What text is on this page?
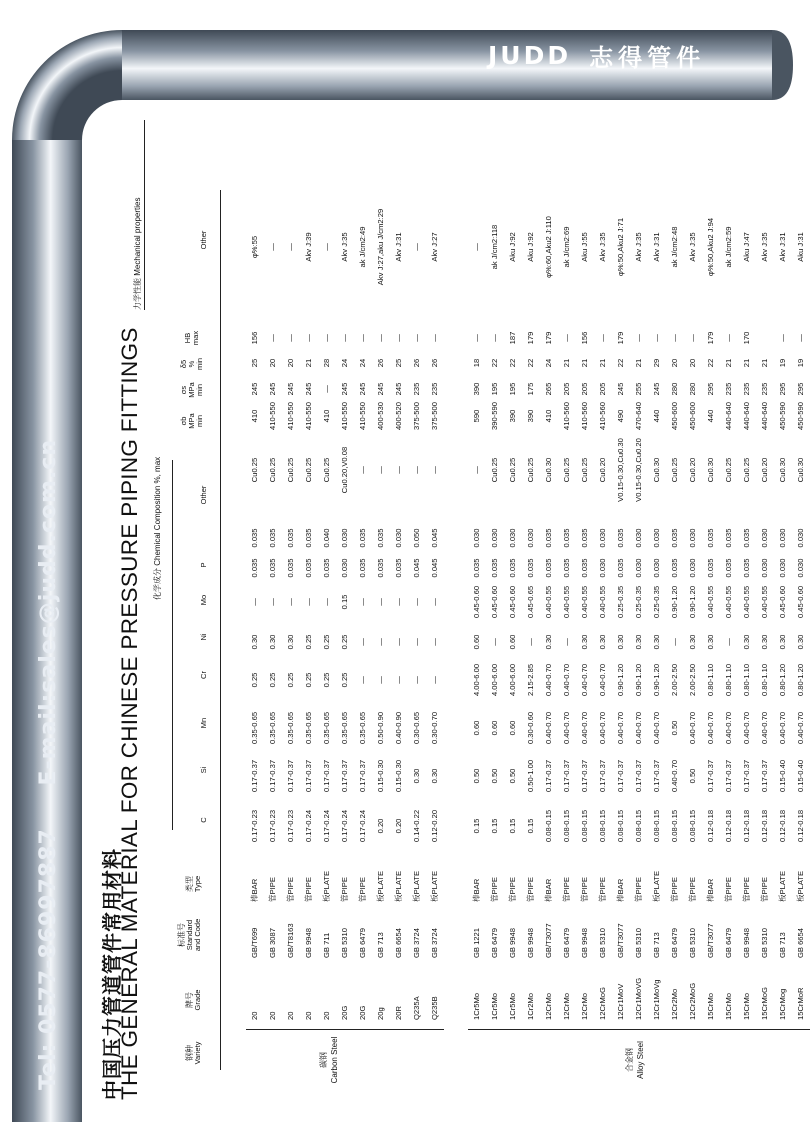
JUDD 志得管件
Tel: 0577-86997887 E-mail:sales@judd.com.cn
中国压力管道管件常用材料
THE GENERAL MATERIAL FOR CHINESE PRESSURE PIPING FITTINGS 化学成分 Chemical Composition %, max
力学性能 Mechanical properties
钢种 Variety
牌号 Grade
标准号 Standard and Code
类型 Type
C
Si
Mn
Cr
Ni
Mo
P
Other
σb MPa min
σs MPa min
δ5 % min
HB max
Other
碳钢 Carbon Steel	合金钢 Alloy Steel
20
GB/T699
棒BAR
0.17-0.23
0.17-0.37
0.35-0.65
0.25
0.30
—
0.035
0.035
Cu0.25
410
245
25
156
φ%:55
20
GB 3087
管PIPE
0.17-0.23
0.17-0.37
0.35-0.65
0.25
0.30
—
0.035
0.035
Cu0.25
410-550
245
20
—
—
20
GB/T8163
管PIPE
0.17-0.23
0.17-0.37
0.35-0.65
0.25
0.30
—
0.035
0.035
Cu0.25
410-550
245
20
—
—
20
GB 9948
管PIPE
0.17-0.24
0.17-0.37
0.35-0.65
0.25
0.25
—
0.035
0.035
Cu0.25
410-550
245
21
—
Akv J:39
20
GB 711
板PLATE
0.17-0.24
0.17-0.37
0.35-0.65
0.25
0.25
—
0.035
0.040
Cu0.25
410
—
28
—
—
20G
GB 5310
管PIPE
0.17-0.24
0.17-0.37
0.35-0.65
0.25
0.25
0.15
0.030
0.030
Cu0.20,V0.08
410-550
245
24
—
Akv J:35
20G
GB 6479
管PIPE
0.17-0.24
0.17-0.37
0.35-0.65
—
—
—
0.035
0.035
—
410-550
245
24
—
ak J/cm2:49
20g
GB 713
板PLATE
0.20
0.15-0.30
0.50-0.90
—
—
—
0.035
0.035
—
400-530
245
26
—
Akv J:27,aku J/cm2:29
20R
GB 6654
板PLATE
0.20
0.15-0.30
0.40-0.90
—
—
—
0.035
0.030
—
400-520
245
25
—
Akv J:31
Q235A
GB 3724
板PLATE
0.14-0.22
0.30
0.30-0.65
—
—
—
0.045
0.050
—
375-500
235
26
—
—
Q235B
GB 3724
板PLATE
0.12-0.20
0.30
0.30-0.70
—
—
—
0.045
0.045
—
375-500
235
26
—
Akv J:27
1Cr5Mo
GB 1221
棒BAR
0.15
0.50
0.60
4.00-6.00
0.60
0.45-0.60
0.035
0.030
—
590
390
18
—
—
1Cr5Mo
GB 6479
管PIPE
0.15
0.50
0.60
4.00-6.00
—
0.45-0.60
0.035
0.030
Cu0.25
390-590
195
22
—
ak J/cm2:118
1Cr5Mo
GB 9948
管PIPE
0.15
0.50
0.60
4.00-6.00
0.60
0.45-0.60
0.035
0.030
Cu0.25
390
195
22
187
Aku J:92
1Cr2Mo
GB 9948
管PIPE
0.15
0.50-1.00
0.30-0.60
2.15-2.85
—
0.45-0.65
0.035
0.030
Cu0.25
390
175
22
179
Aku J:92
12CrMo
GB/T3077
棒BAR
0.08-0.15
0.17-0.37
0.40-0.70
0.40-0.70
0.30
0.40-0.55
0.035
0.035
Cu0.30
410
265
24
179
φ%:60,Aku2 J:110
12CrMo
GB 6479
管PIPE
0.08-0.15
0.17-0.37
0.40-0.70
0.40-0.70
—
0.40-0.55
0.035
0.035
Cu0.25
410-560
205
21
—
ak J/cm2:69
12CrMo
GB 9948
管PIPE
0.08-0.15
0.17-0.37
0.40-0.70
0.40-0.70
0.30
0.40-0.55
0.035
0.035
Cu0.25
410-560
205
21
156
Aku J:55
12CrMoG
GB 5310
管PIPE
0.08-0.15
0.17-0.37
0.40-0.70
0.40-0.70
0.30
0.40-0.55
0.030
0.030
Cu0.20
410-560
205
21
—
Akv J:35
12Cr1MoV
GB/T3077
棒BAR
0.08-0.15
0.17-0.37
0.40-0.70
0.90-1.20
0.30
0.25-0.35
0.035
0.035
V0.15-0.30,Cu0.30
490
245
22
179
φ%:50,Aku2 J:71
12Cr1MoVG
GB 5310
管PIPE
0.08-0.15
0.17-0.37
0.40-0.70
0.90-1.20
0.30
0.25-0.35
0.030
0.030
V0.15-0.30,Cu0.20
470-640
255
21
—
Akv J:35
12Cr1MoVg
GB 713
板PLATE
0.08-0.15
0.17-0.37
0.40-0.70
0.90-1.20
0.30
0.25-0.35
0.030
0.030
Cu0.30
440
245
29
—
Akv J:31
12Cr2Mo
GB 6479
管PIPE
0.08-0.15
0.40-0.70
0.50
2.00-2.50
—
0.90-1.20
0.035
0.035
Cu0.25
450-600
280
20
—
ak J/cm2:48
12Cr2MoG
GB 5310
管PIPE
0.08-0.15
0.50
0.40-0.70
2.00-2.50
0.30
0.90-1.20
0.030
0.030
Cu0.20
450-600
280
20
—
Akv J:35
15CrMo
GB/T3077
棒BAR
0.12-0.18
0.17-0.37
0.40-0.70
0.80-1.10
0.30
0.40-0.55
0.035
0.035
Cu0.30
440
295
22
179
φ%:50,Aku2 J:94
15CrMo
GB 6479
管PIPE
0.12-0.18
0.17-0.37
0.40-0.70
0.80-1.10
—
0.40-0.55
0.035
0.035
Cu0.25
440-640
235
21
—
ak J/cm2:59
15CrMo
GB 9948
管PIPE
0.12-0.18
0.17-0.37
0.40-0.70
0.80-1.10
0.30
0.40-0.55
0.035
0.035
Cu0.25
440-640
235
21
170
Aku J:47
15CrMoG
GB 5310
管PIPE
0.12-0.18
0.17-0.37
0.40-0.70
0.80-1.10
0.30
0.40-0.55
0.030
0.030
Cu0.20
440-640
235
21
Akv J:35
15CrMog
GB 713
板PLATE
0.12-0.18
0.15-0.40
0.40-0.70
0.80-1.20
0.30
0.45-0.60
0.030
0.030
Cu0.30
450-590
295
19
—
Akv J:31
15CrMoR
GB 6654
板PLATE
0.12-0.18
0.15-0.40
0.40-0.70
0.80-1.20
0.30
0.45-0.60
0.030
0.030
Cu0.30
450-590
295
19
—
Aku J:31
